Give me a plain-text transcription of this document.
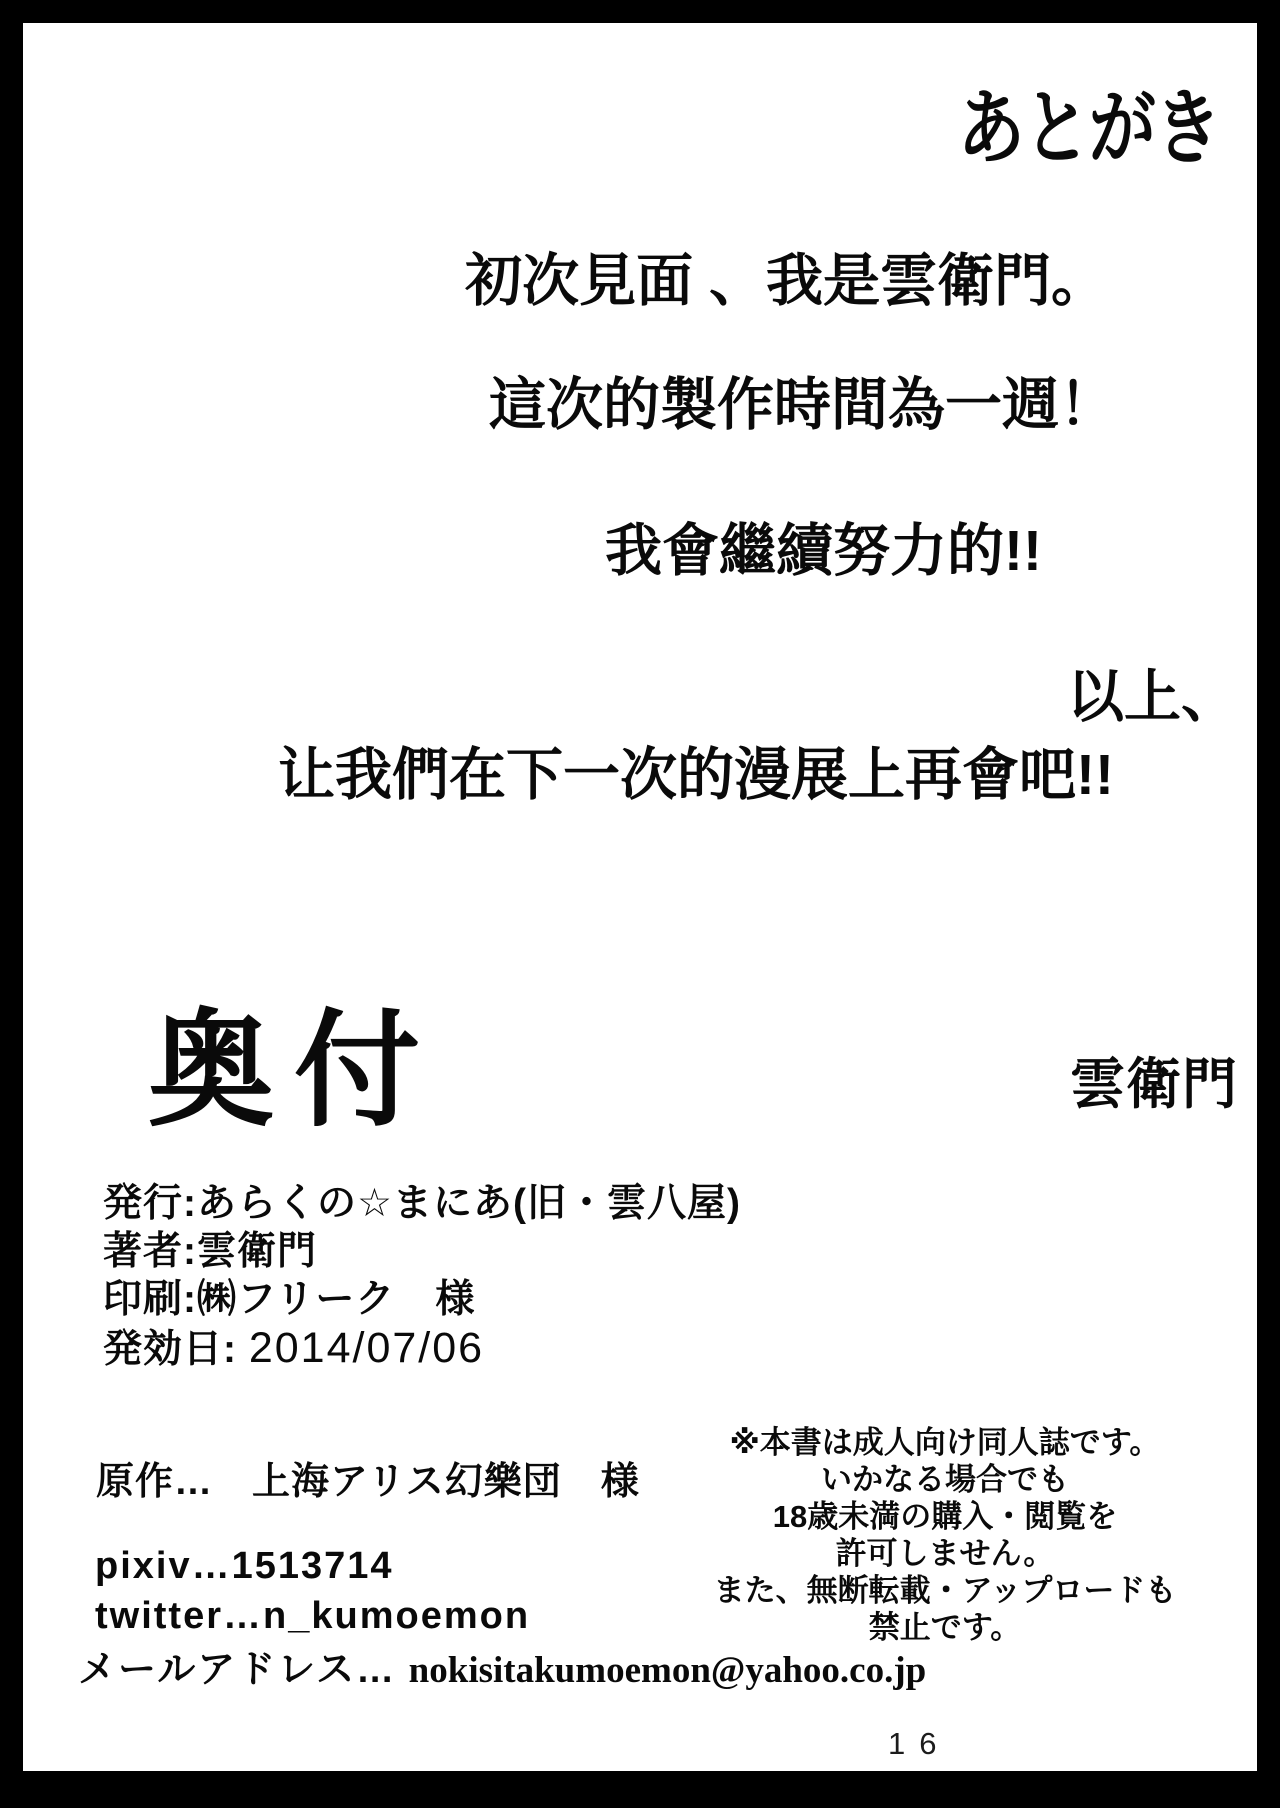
あとがき
初次見面 、我是雲衛門。
這次的製作時間為一週！
我會繼續努力的!!
以上、
让我們在下一次的漫展上再會吧!!
奥付	雲衛門
発行:あらくの☆まにあ(旧・雲八屋)
著者:雲衛門
印刷:㈱フリーク　様
発効日: 2014/07/06
原作…　上海アリス幻樂団　様
pixiv…1513714
twitter…n_kumoemon
メールアドレス… nokisitakumoemon@yahoo.co.jp
※本書は成人向け同人誌です。
いかなる場合でも
18歳未満の購入・閲覧を
許可しません。
また、無断転載・アップロードも
禁止です。
16
